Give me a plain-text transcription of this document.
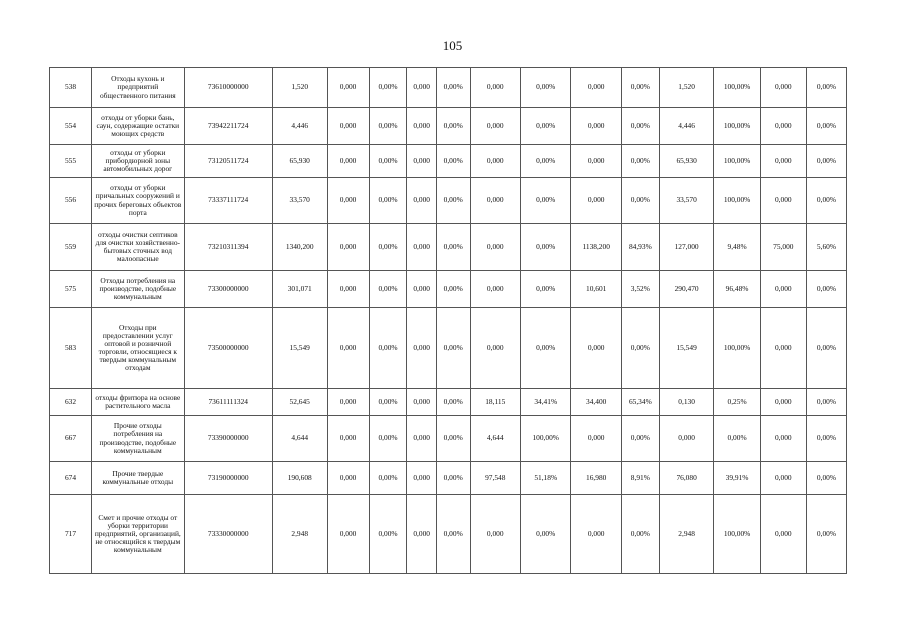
105
538	Отходы кухонь и предприятий общественного питания	73610000000	1,520	0,000	0,00%	0,000	0,00%	0,000	0,00%	0,000	0,00%	1,520	100,00%	0,000	0,00%
554	отходы от уборки бань, саун, содержащие остатки моющих средств	73942211724	4,446	0,000	0,00%	0,000	0,00%	0,000	0,00%	0,000	0,00%	4,446	100,00%	0,000	0,00%
555	отходы от уборки прибордюрной зоны автомобильных дорог	73120511724	65,930	0,000	0,00%	0,000	0,00%	0,000	0,00%	0,000	0,00%	65,930	100,00%	0,000	0,00%
556	отходы от уборки причальных сооружений и прочих береговых объектов порта	73337111724	33,570	0,000	0,00%	0,000	0,00%	0,000	0,00%	0,000	0,00%	33,570	100,00%	0,000	0,00%
559	отходы очистки септиков для очистки хозяйственно-бытовых сточных вод малоопасные	73210311394	1340,200	0,000	0,00%	0,000	0,00%	0,000	0,00%	1138,200	84,93%	127,000	9,48%	75,000	5,60%
575	Отходы потребления на производстве, подобные коммунальным	73300000000	301,071	0,000	0,00%	0,000	0,00%	0,000	0,00%	10,601	3,52%	290,470	96,48%	0,000	0,00%
583	Отходы при предоставлении услуг оптовой и розничной торговли, относящиеся к твердым коммунальным отходам	73500000000	15,549	0,000	0,00%	0,000	0,00%	0,000	0,00%	0,000	0,00%	15,549	100,00%	0,000	0,00%
632	отходы фритюра на основе растительного масла	73611111324	52,645	0,000	0,00%	0,000	0,00%	18,115	34,41%	34,400	65,34%	0,130	0,25%	0,000	0,00%
667	Прочие отходы потребления на производстве, подобные коммунальным	73390000000	4,644	0,000	0,00%	0,000	0,00%	4,644	100,00%	0,000	0,00%	0,000	0,00%	0,000	0,00%
674	Прочие твердые коммунальные отходы	73190000000	190,608	0,000	0,00%	0,000	0,00%	97,548	51,18%	16,980	8,91%	76,080	39,91%	0,000	0,00%
717	Смет и прочие отходы от уборки территории предприятий, организаций, не относящийся к твердым коммунальным	73330000000	2,948	0,000	0,00%	0,000	0,00%	0,000	0,00%	0,000	0,00%	2,948	100,00%	0,000	0,00%
